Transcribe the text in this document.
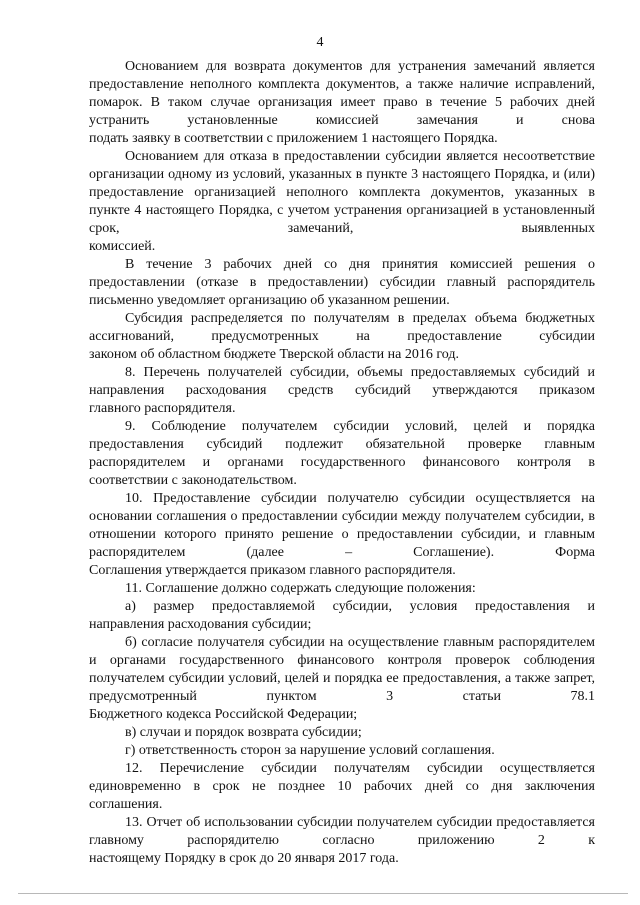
4

Основанием для возврата документов для устранения замечаний является предоставление неполного комплекта документов, а также наличие исправлений, помарок. В таком случае организация имеет право в течение 5 рабочих дней устранить установленные комиссией замечания и снова
подать заявку в соответствии с приложением 1 настоящего Порядка.

Основанием для отказа в предоставлении субсидии является несоответствие организации одному из условий, указанных в пункте 3 настоящего Порядка, и (или) предоставление организацией неполного комплекта документов, указанных в пункте 4 настоящего Порядка, с учетом устранения организацией в установленный срок, замечаний, выявленных
комиссией.

В течение 3 рабочих дней со дня принятия комиссией решения о предоставлении (отказе в предоставлении) субсидии главный распорядитель
письменно уведомляет организацию об указанном решении.

Субсидия распределяется по получателям в пределах объема бюджетных ассигнований, предусмотренных на предоставление субсидии
законом об областном бюджете Тверской области на 2016 год.

8. Перечень получателей субсидии, объемы предоставляемых субсидий и направления расходования средств субсидий утверждаются приказом
главного распорядителя.

9. Соблюдение получателем субсидии условий, целей и порядка предоставления субсидий подлежит обязательной проверке главным распорядителем и органами государственного финансового контроля в
соответствии с законодательством.

10. Предоставление субсидии получателю субсидии осуществляется на основании соглашения о предоставлении субсидии между получателем субсидии, в отношении которого принято решение о предоставлении субсидии, и главным распорядителем (далее – Соглашение). Форма
Соглашения утверждается приказом главного распорядителя.

11. Соглашение должно содержать следующие положения:

а) размер предоставляемой субсидии, условия предоставления и
направления расходования субсидии;

б) согласие получателя субсидии на осуществление главным распорядителем и органами государственного финансового контроля проверок соблюдения получателем субсидии условий, целей и порядка ее предоставления, а также запрет, предусмотренный пунктом 3 статьи 78.1
Бюджетного кодекса Российской Федерации;

в) случаи и порядок возврата субсидии;

г) ответственность сторон за нарушение условий соглашения.

12. Перечисление субсидии получателям субсидии осуществляется единовременно в срок не позднее 10 рабочих дней со дня заключения
соглашения.

13. Отчет об использовании субсидии получателем субсидии предоставляется главному распорядителю согласно приложению 2 к
настоящему Порядку в срок до 20 января 2017 года.
